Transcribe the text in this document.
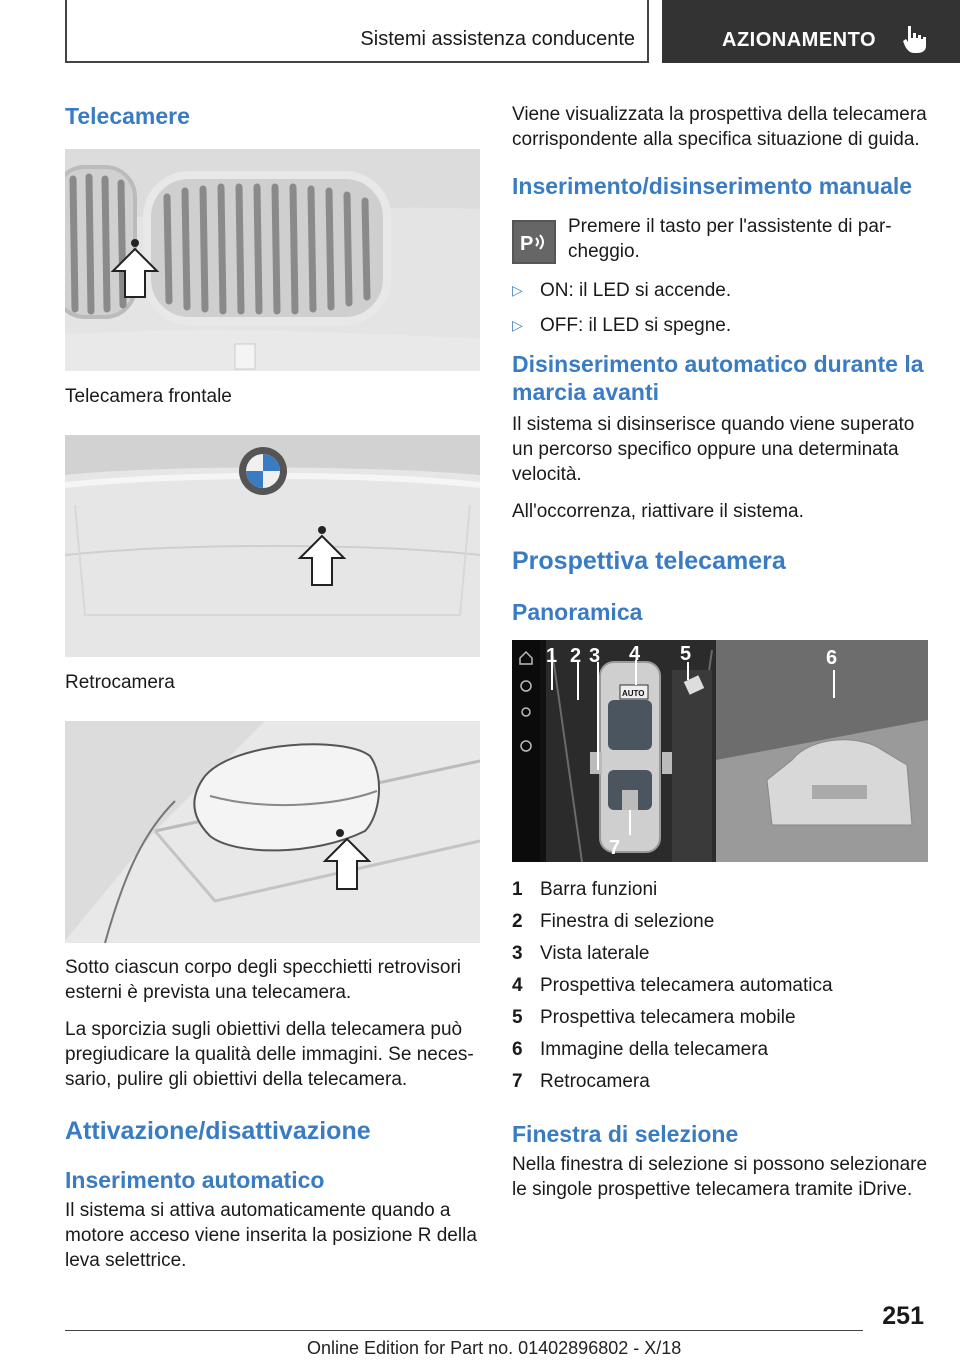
Sistemi assistenza conducente	AZIONAMENTO
Telecamere

Telecamera frontale

Retrocamera

Sotto ciascun corpo degli specchietti retrovisori esterni è prevista una telecamera.

La sporcizia sugli obiettivi della telecamera può pregiudicare la qualità delle immagini. Se neces-sario, pulire gli obiettivi della telecamera.

Attivazione/disattivazione
Inserimento automatico

Il sistema si attiva automaticamente quando a motore acceso viene inserita la posizione R della leva selettrice.

Viene visualizzata la prospettiva della telecamera corrispondente alla specifica situazione di guida.

Inserimento/disinserimento manuale
P

Premere il tasto per l'assistente di par-cheggio.

▷ ON: il LED si accende.
▷ OFF: il LED si spegne.
Disinserimento automatico durante la marcia avanti

Il sistema si disinserisce quando viene superato un percorso specifico oppure una determinata velocità.

All'occorrenza, riattivare il sistema.

Prospettiva telecamera
Panoramica
AUTO
1 2 3 4 5	6
7
1 Barra funzioni
2 Finestra di selezione
3 Vista laterale
4 Prospettiva telecamera automatica
5 Prospettiva telecamera mobile
6 Immagine della telecamera
7 Retrocamera
Finestra di selezione

Nella finestra di selezione si possono selezionare le singole prospettive telecamera tramite iDrive.

251
Online Edition for Part no. 01402896802 - X/18
